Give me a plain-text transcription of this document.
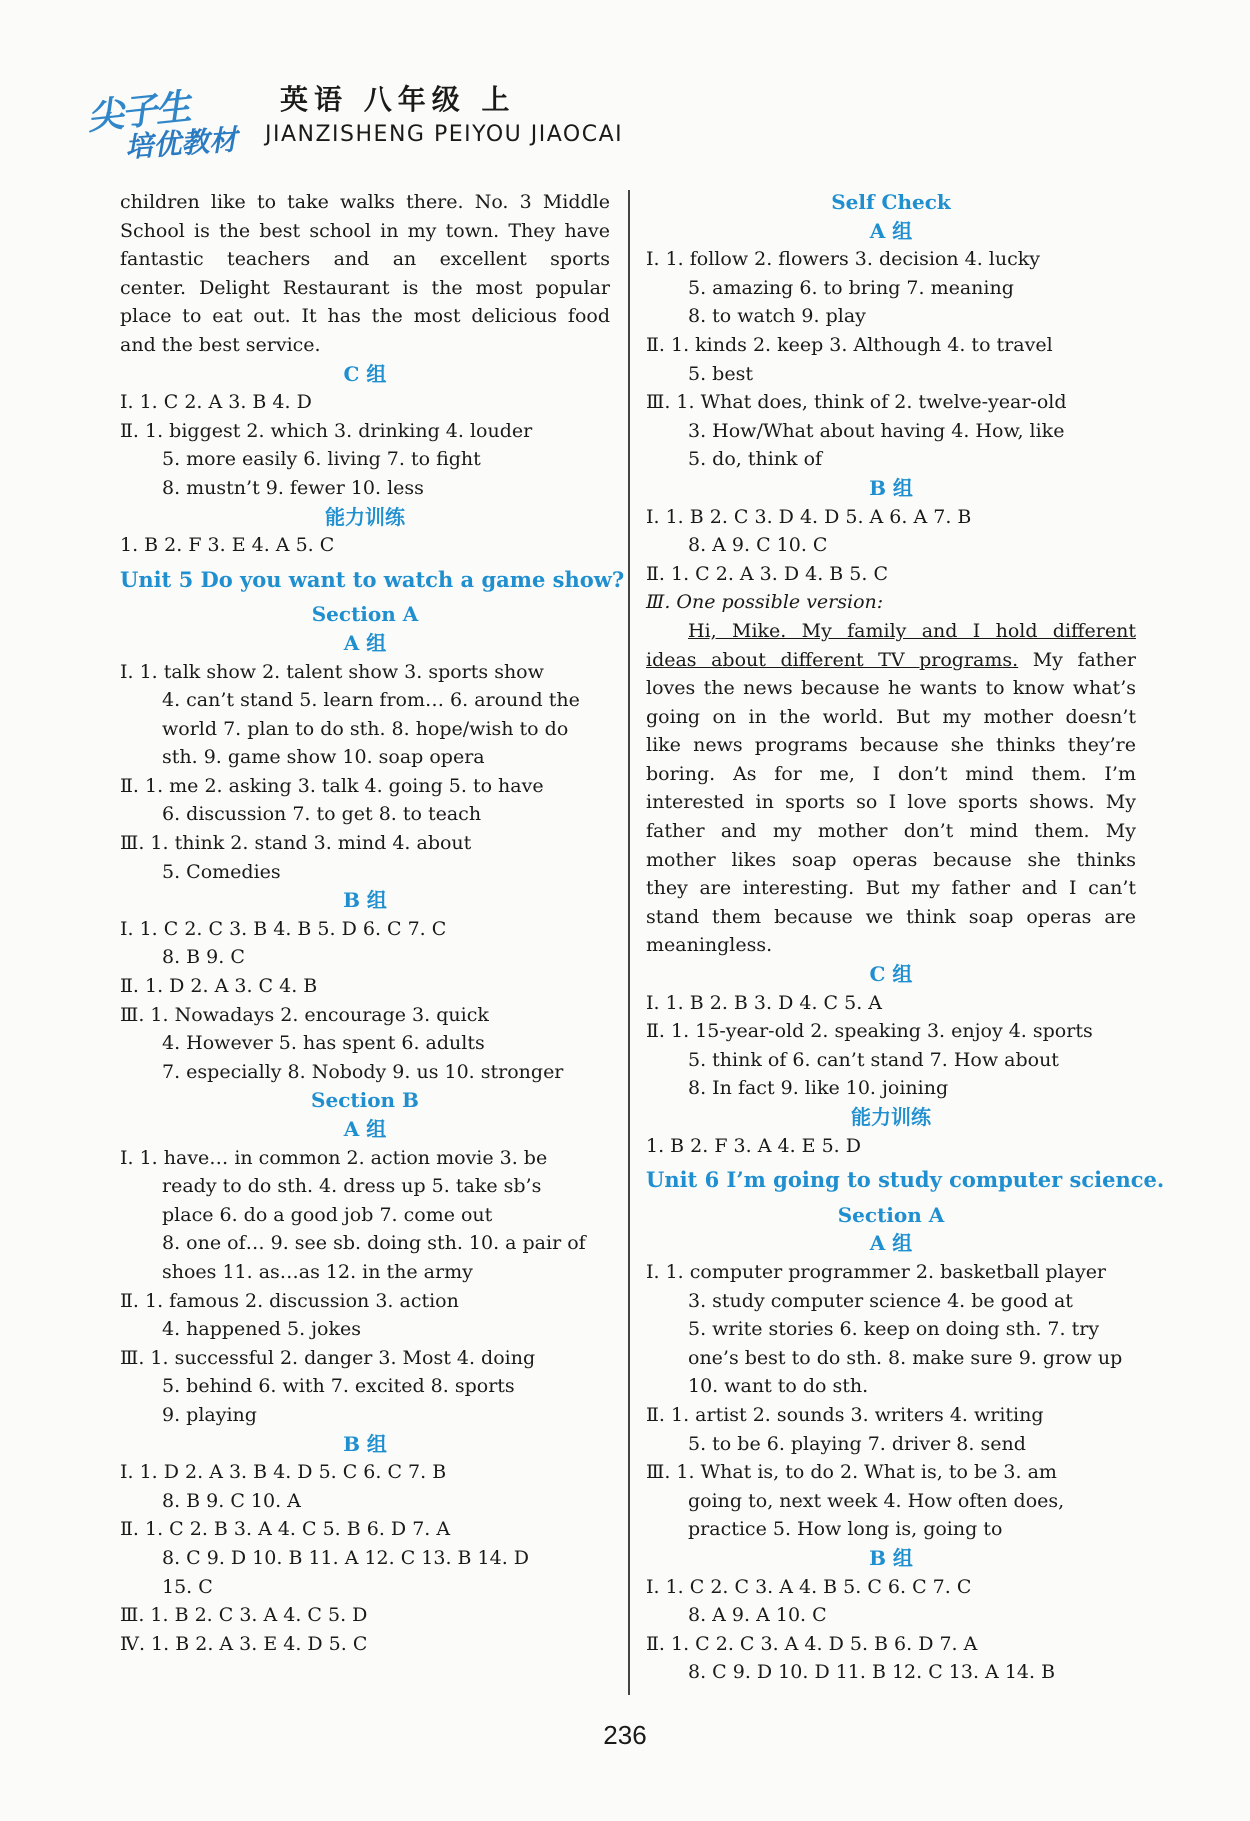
尖子生
培优教材
英语 八年级 上
JIANZISHENG PEIYOU JIAOCAI
children like to take walks there. No. 3 Middle
School is the best school in my town. They have
fantastic teachers and an excellent sports
center. Delight Restaurant is the most popular
place to eat out. It has the most delicious food
and the best service.
C 组
Ⅰ. 1. C 2. A 3. B 4. D
Ⅱ. 1. biggest 2. which 3. drinking 4. louder
5. more easily 6. living 7. to fight
8. mustn’t 9. fewer 10. less
能力训练
1. B 2. F 3. E 4. A 5. C
Unit 5 Do you want to watch a game show?
Section A
A 组
Ⅰ. 1. talk show 2. talent show 3. sports show
4. can’t stand 5. learn from… 6. around the
world 7. plan to do sth. 8. hope/wish to do
sth. 9. game show 10. soap opera
Ⅱ. 1. me 2. asking 3. talk 4. going 5. to have
6. discussion 7. to get 8. to teach
Ⅲ. 1. think 2. stand 3. mind 4. about
5. Comedies
B 组
Ⅰ. 1. C 2. C 3. B 4. B 5. D 6. C 7. C
8. B 9. C
Ⅱ. 1. D 2. A 3. C 4. B
Ⅲ. 1. Nowadays 2. encourage 3. quick
4. However 5. has spent 6. adults
7. especially 8. Nobody 9. us 10. stronger
Section B
A 组
Ⅰ. 1. have… in common 2. action movie 3. be
ready to do sth. 4. dress up 5. take sb’s
place 6. do a good job 7. come out
8. one of… 9. see sb. doing sth. 10. a pair of
shoes 11. as…as 12. in the army
Ⅱ. 1. famous 2. discussion 3. action
4. happened 5. jokes
Ⅲ. 1. successful 2. danger 3. Most 4. doing
5. behind 6. with 7. excited 8. sports
9. playing
B 组
Ⅰ. 1. D 2. A 3. B 4. D 5. C 6. C 7. B
8. B 9. C 10. A
Ⅱ. 1. C 2. B 3. A 4. C 5. B 6. D 7. A
8. C 9. D 10. B 11. A 12. C 13. B 14. D
15. C
Ⅲ. 1. B 2. C 3. A 4. C 5. D
Ⅳ. 1. B 2. A 3. E 4. D 5. C
Self Check
A 组
Ⅰ. 1. follow 2. flowers 3. decision 4. lucky
5. amazing 6. to bring 7. meaning
8. to watch 9. play
Ⅱ. 1. kinds 2. keep 3. Although 4. to travel
5. best
Ⅲ. 1. What does, think of 2. twelve-year-old
3. How/What about having 4. How, like
5. do, think of
B 组
Ⅰ. 1. B 2. C 3. D 4. D 5. A 6. A 7. B
8. A 9. C 10. C
Ⅱ. 1. C 2. A 3. D 4. B 5. C
Ⅲ. One possible version:
Hi, Mike. My family and I hold different
ideas about different TV programs. My father
loves the news because he wants to know what’s
going on in the world. But my mother doesn’t
like news programs because she thinks they’re
boring. As for me, I don’t mind them. I’m
interested in sports so I love sports shows. My
father and my mother don’t mind them. My
mother likes soap operas because she thinks
they are interesting. But my father and I can’t
stand them because we think soap operas are
meaningless.
C 组
Ⅰ. 1. B 2. B 3. D 4. C 5. A
Ⅱ. 1. 15-year-old 2. speaking 3. enjoy 4. sports
5. think of 6. can’t stand 7. How about
8. In fact 9. like 10. joining
能力训练
1. B 2. F 3. A 4. E 5. D
Unit 6 I’m going to study computer science.
Section A
A 组
Ⅰ. 1. computer programmer 2. basketball player
3. study computer science 4. be good at
5. write stories 6. keep on doing sth. 7. try
one’s best to do sth. 8. make sure 9. grow up
10. want to do sth.
Ⅱ. 1. artist 2. sounds 3. writers 4. writing
5. to be 6. playing 7. driver 8. send
Ⅲ. 1. What is, to do 2. What is, to be 3. am
going to, next week 4. How often does,
practice 5. How long is, going to
B 组
Ⅰ. 1. C 2. C 3. A 4. B 5. C 6. C 7. C
8. A 9. A 10. C
Ⅱ. 1. C 2. C 3. A 4. D 5. B 6. D 7. A
8. C 9. D 10. D 11. B 12. C 13. A 14. B
236
